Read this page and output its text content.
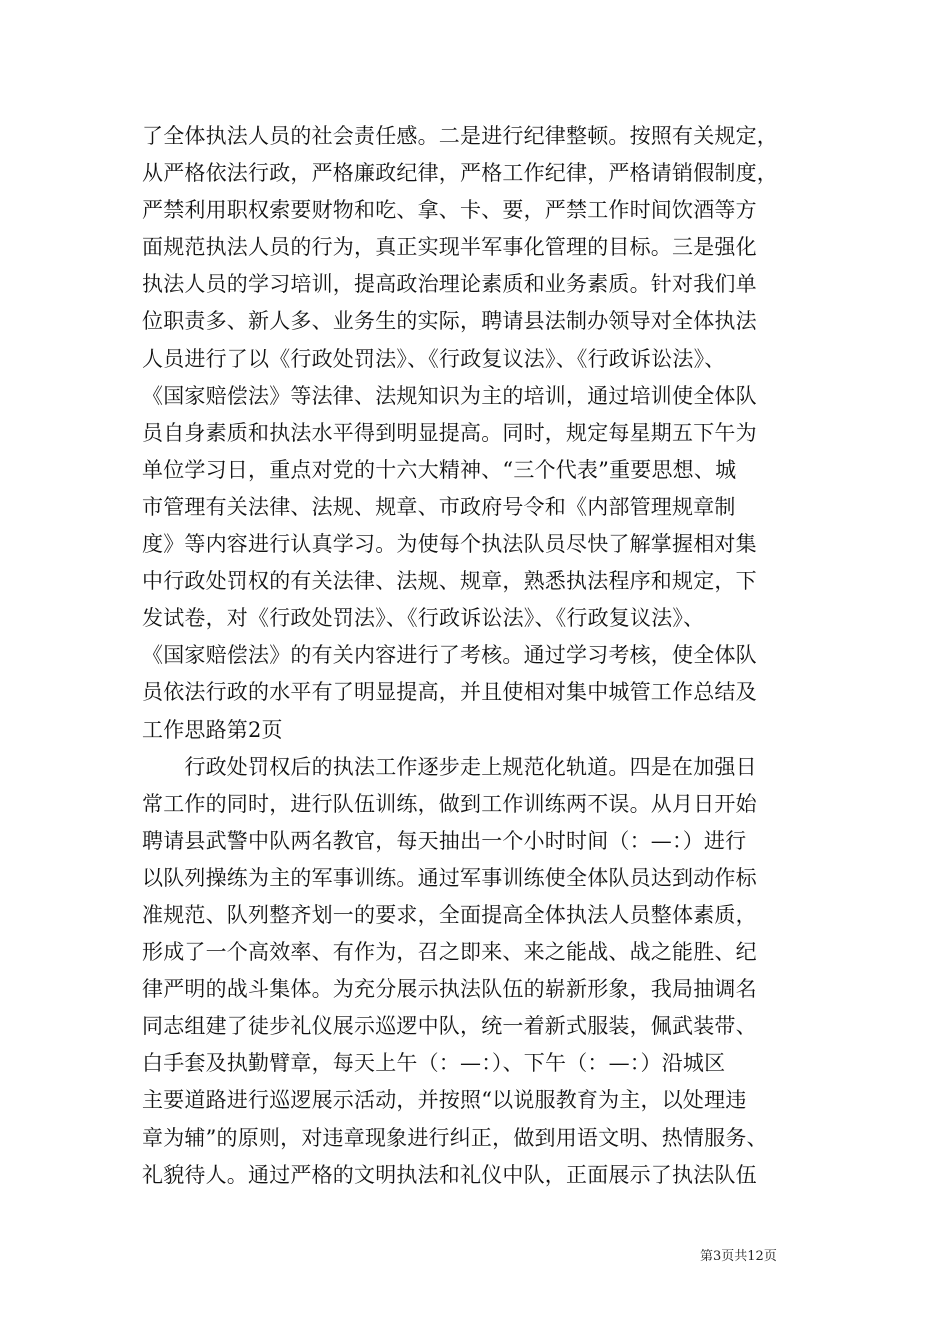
了全体执法人员的社会责任感。二是进行纪律整顿。按照有关规定，
从严格依法行政，严格廉政纪律，严格工作纪律，严格请销假制度，
严禁利用职权索要财物和吃、拿、卡、要，严禁工作时间饮酒等方
面规范执法人员的行为，真正实现半军事化管理的目标。三是强化
执法人员的学习培训，提高政治理论素质和业务素质。针对我们单
位职责多、新人多、业务生的实际，聘请县法制办领导对全体执法
人员进行了以《行政处罚法》、《行政复议法》、《行政诉讼法》、
《国家赔偿法》等法律、法规知识为主的培训，通过培训使全体队
员自身素质和执法水平得到明显提高。同时，规定每星期五下午为
单位学习日，重点对党的十六大精神、“三个代表”重要思想、城
市管理有关法律、法规、规章、市政府号令和《内部管理规章制
度》等内容进行认真学习。为使每个执法队员尽快了解掌握相对集
中行政处罚权的有关法律、法规、规章，熟悉执法程序和规定，下
发试卷，对《行政处罚法》、《行政诉讼法》、《行政复议法》、
《国家赔偿法》的有关内容进行了考核。通过学习考核，使全体队
员依法行政的水平有了明显提高，并且使相对集中城管工作总结及
工作思路第2页
　　行政处罚权后的执法工作逐步走上规范化轨道。四是在加强日
常工作的同时，进行队伍训练，做到工作训练两不误。从月日开始
聘请县武警中队两名教官，每天抽出一个小时时间（：—：）进行
以队列操练为主的军事训练。通过军事训练使全体队员达到动作标
准规范、队列整齐划一的要求，全面提高全体执法人员整体素质，
形成了一个高效率、有作为，召之即来、来之能战、战之能胜、纪
律严明的战斗集体。为充分展示执法队伍的崭新形象，我局抽调名
同志组建了徒步礼仪展示巡逻中队，统一着新式服装，佩武装带、
白手套及执勤臂章，每天上午（：—：）、下午（：—：）沿城区
主要道路进行巡逻展示活动，并按照“以说服教育为主，以处理违
章为辅”的原则，对违章现象进行纠正，做到用语文明、热情服务、
礼貌待人。通过严格的文明执法和礼仪中队，正面展示了执法队伍
第3页共12页
